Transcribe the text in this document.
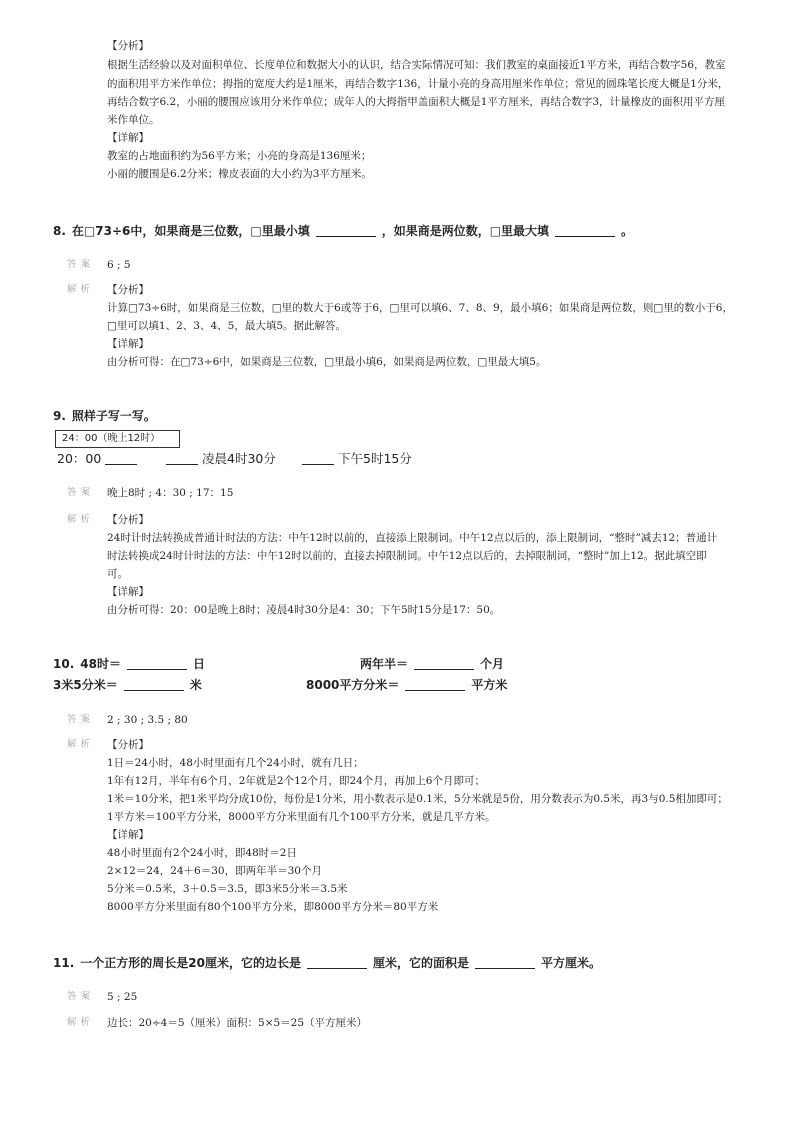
【分析】
根据生活经验以及对面积单位、长度单位和数据大小的认识，结合实际情况可知：我们教室的桌面接近1平方米，再结合数字56，教室
的面积用平方米作单位；拇指的宽度大约是1厘米，再结合数字136，计量小亮的身高用厘米作单位；常见的圆珠笔长度大概是1分米，
再结合数字6.2，小丽的腰围应该用分米作单位；成年人的大拇指甲盖面积大概是1平方厘米，再结合数字3，计量橡皮的面积用平方厘
米作单位。
【详解】
教室的占地面积约为56平方米；小亮的身高是136厘米；
小丽的腰围是6.2分米；橡皮表面的大小约为3平方厘米。
8. 在□73÷6中，如果商是三位数，□里最小填	，如果商是两位数，□里最大填	。
答案 6 ; 5
解析 【分析】
计算□73÷6时，如果商是三位数，□里的数大于6或等于6，□里可以填6、7、8、9，最小填6；如果商是两位数，则□里的数小于6，
□里可以填1、2、3、4、5，最大填5。据此解答。
【详解】
由分析可得：在□73÷6中，如果商是三位数，□里最小填6，如果商是两位数，□里最大填5。
9. 照样子写一写。
24：00（晚上12时）
20：00	凌晨4时30分	下午5时15分
答案 晚上8时 ; 4：30 ; 17：15
解析 【分析】
24时计时法转换成普通计时法的方法：中午12时以前的，直接添上限制词。中午12点以后的，添上限制词，“整时”减去12；普通计
时法转换成24时计时法的方法：中午12时以前的，直接去掉限制词。中午12点以后的，去掉限制词，“整时”加上12。据此填空即
可。
【详解】
由分析可得：20：00是晚上8时；凌晨4时30分是4：30；下午5时15分是17：50。
10. 48时＝	日	两年半＝	个月
3米5分米＝	米	8000平方分米＝	平方米
答案 2 ; 30 ; 3.5 ; 80
解析 【分析】
1日＝24小时，48小时里面有几个24小时，就有几日；
1年有12月，半年有6个月，2年就是2个12个月，即24个月，再加上6个月即可；
1米＝10分米，把1米平均分成10份，每份是1分米，用小数表示是0.1米，5分米就是5份，用分数表示为0.5米，再3与0.5相加即可；
1平方米＝100平方分米，8000平方分米里面有几个100平方分米，就是几平方米。
【详解】
48小时里面有2个24小时，即48时＝2日
2×12＝24，24＋6＝30，即两年半＝30个月
5分米＝0.5米，3＋0.5＝3.5，即3米5分米＝3.5米
8000平方分米里面有80个100平方分米，即8000平方分米＝80平方米
11. 一个正方形的周长是20厘米，它的边长是	厘米，它的面积是	平方厘米。
答案 5 ; 25
解析 边长：20÷4＝5（厘米）面积：5×5＝25（平方厘米）
